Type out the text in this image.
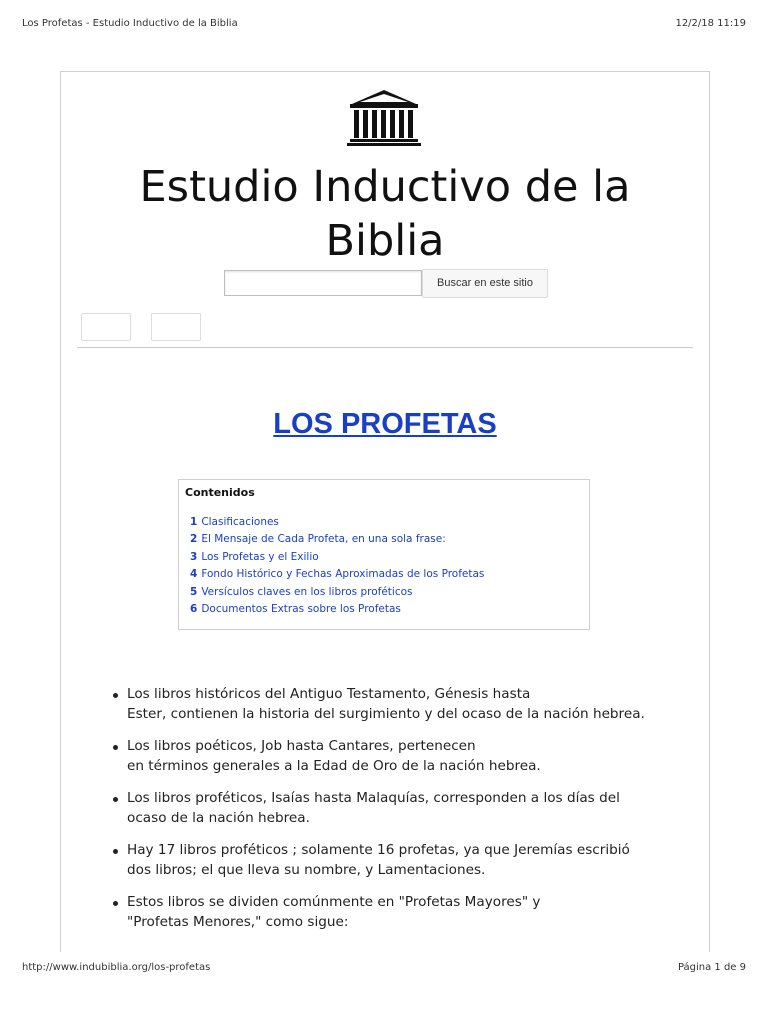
Los Profetas - Estudio Inductivo de la Biblia	12/2/18 11:19
Estudio Inductivo de la
Biblia
Buscar en este sitio
LOS PROFETAS
Contenidos
1 Clasificaciones
2 El Mensaje de Cada Profeta, en una sola frase:
3 Los Profetas y el Exilio
4 Fondo Histórico y Fechas Aproximadas de los Profetas
5 Versículos claves en los libros proféticos
6 Documentos Extras sobre los Profetas
Los libros históricos del Antiguo Testamento, Génesis hasta
Ester, contienen la historia del surgimiento y del ocaso de la nación hebrea.
Los libros poéticos, Job hasta Cantares, pertenecen
en términos generales a la Edad de Oro de la nación hebrea.
Los libros proféticos, Isaías hasta Malaquías, corresponden a los días del
ocaso de la nación hebrea.
Hay 17 libros proféticos ; solamente 16 profetas, ya que Jeremías escribió
dos libros; el que lleva su nombre, y Lamentaciones.
Estos libros se dividen comúnmente en "Profetas Mayores" y
"Profetas Menores," como sigue:
http://www.indubiblia.org/los-profetas	Página 1 de 9
